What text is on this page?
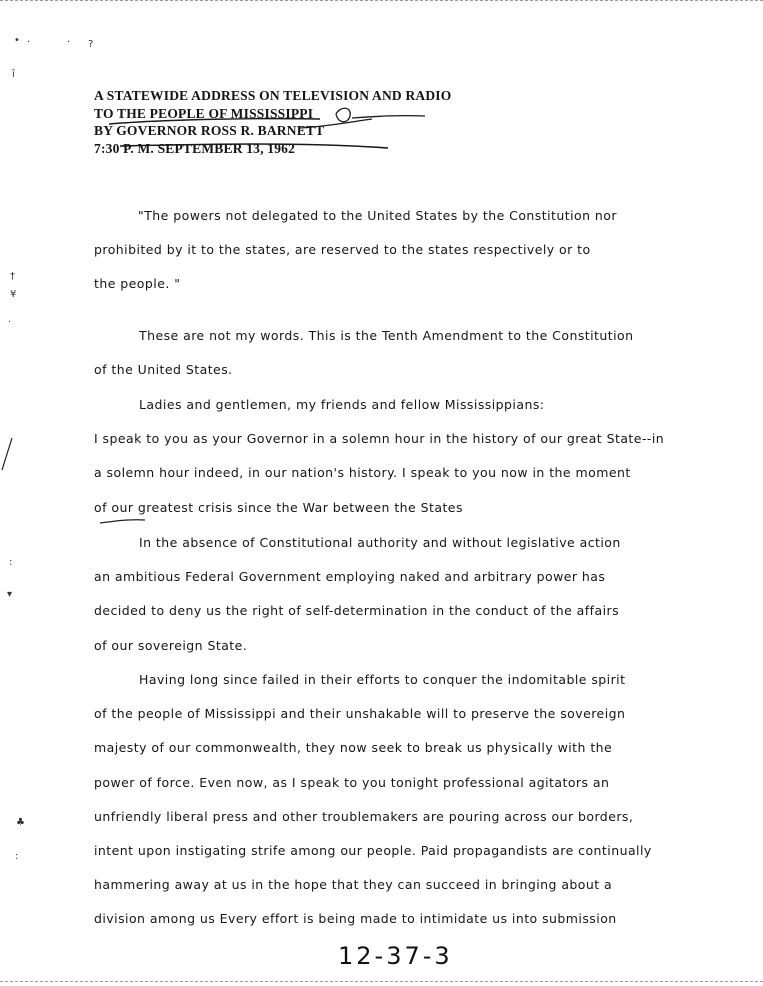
A STATEWIDE ADDRESS ON TELEVISION AND RADIO
TO THE PEOPLE OF MISSISSIPPI
BY GOVERNOR ROSS R. BARNETT
7:30 P. M. SEPTEMBER 13, 1962
"The powers not delegated to the United States by the Constitution nor
prohibited by it to the states, are reserved to the states respectively or to
the people. "
These are not my words. This is the Tenth Amendment to the Constitution
of the United States.
Ladies and gentlemen, my friends and fellow Mississippians:
I speak to you as your Governor in a solemn hour in the history of our great State--in
a solemn hour indeed, in our nation's history. I speak to you now in the moment
of our greatest crisis since the War between the States
In the absence of Constitutional authority and without legislative action
an ambitious Federal Government employing naked and arbitrary power has
decided to deny us the right of self-determination in the conduct of the affairs
of our sovereign State.
Having long since failed in their efforts to conquer the indomitable spirit
of the people of Mississippi and their unshakable will to preserve the sovereign
majesty of our commonwealth, they now seek to break us physically with the
power of force. Even now, as I speak to you tonight professional agitators an
unfriendly liberal press and other troublemakers are pouring across our borders,
intent upon instigating strife among our people. Paid propagandists are continually
hammering away at us in the hope that they can succeed in bringing about a
division among us Every effort is being made to intimidate us into submission
12-37-3
• ·	· ?
ī
†
¥
·
:
▾
♣
:
